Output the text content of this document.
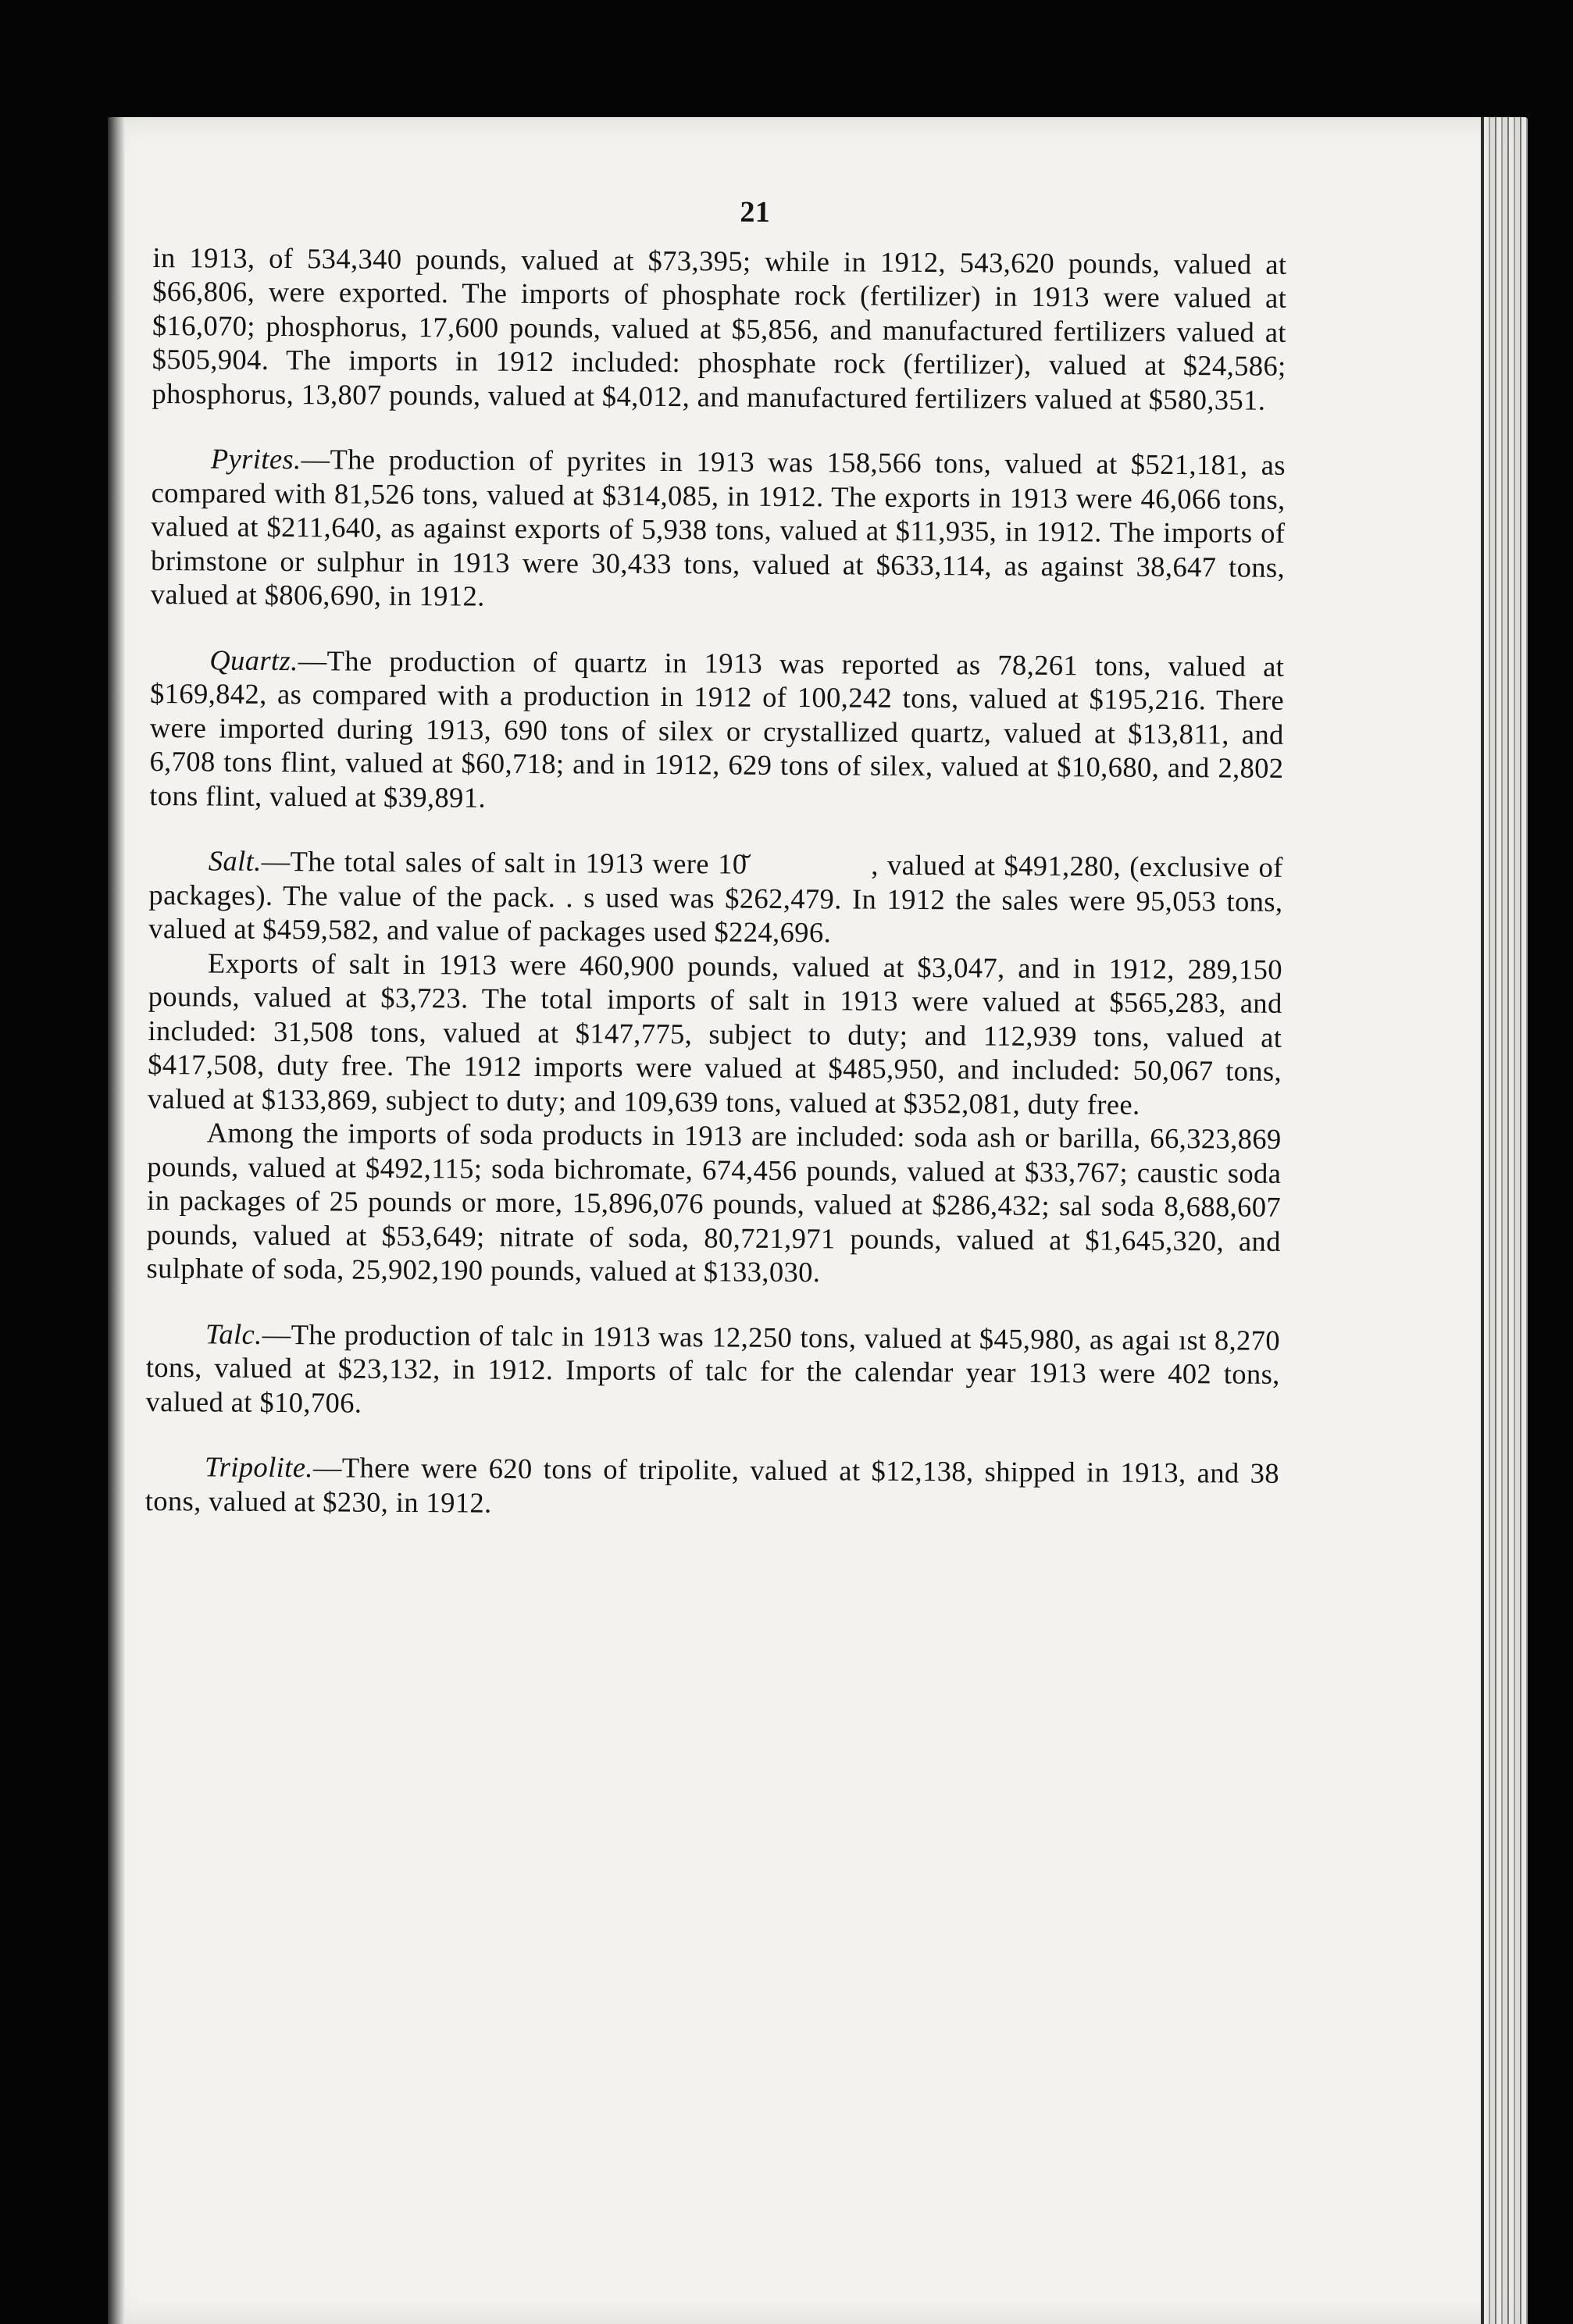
21

in 1913, of 534,340 pounds, valued at $73,395; while in 1912, 543,620 pounds, valued at $66,806, were exported. The imports of phosphate rock (fertilizer) in 1913 were valued at $16,070; phosphorus, 17,600 pounds, valued at $5,856, and manufactured fertilizers valued at $505,904. The imports in 1912 included: phosphate rock (fertilizer), valued at $24,586; phosphorus, 13,807 pounds, valued at $4,012, and manufactured fertilizers valued at $580,351.

Pyrites.—The production of pyrites in 1913 was 158,566 tons, valued at $521,181, as compared with 81,526 tons, valued at $314,085, in 1912. The exports in 1913 were 46,066 tons, valued at $211,640, as against exports of 5,938 tons, valued at $11,935, in 1912. The imports of brimstone or sulphur in 1913 were 30,433 tons, valued at $633,114, as against 38,647 tons, valued at $806,690, in 1912.

Quartz.—The production of quartz in 1913 was reported as 78,261 tons, valued at $169,842, as compared with a production in 1912 of 100,242 tons, valued at $195,216. There were imported during 1913, 690 tons of silex or crystallized quartz, valued at $13,811, and 6,708 tons flint, valued at $60,718; and in 1912, 629 tons of silex, valued at $10,680, and 2,802 tons flint, valued at $39,891.

Salt.—The total sales of salt in 1913 were 10̆     , valued at $491,280, (exclusive of packages). The value of the pack. . s used was $262,479. In 1912 the sales were 95,053 tons, valued at $459,582, and value of packages used $224,696.

Exports of salt in 1913 were 460,900 pounds, valued at $3,047, and in 1912, 289,150 pounds, valued at $3,723. The total imports of salt in 1913 were valued at $565,283, and included: 31,508 tons, valued at $147,775, subject to duty; and 112,939 tons, valued at $417,508, duty free. The 1912 imports were valued at $485,950, and included: 50,067 tons, valued at $133,869, subject to duty; and 109,639 tons, valued at $352,081, duty free.

Among the imports of soda products in 1913 are included: soda ash or barilla, 66,323,869 pounds, valued at $492,115; soda bichromate, 674,456 pounds, valued at $33,767; caustic soda in packages of 25 pounds or more, 15,896,076 pounds, valued at $286,432; sal soda 8,688,607 pounds, valued at $53,649; nitrate of soda, 80,721,971 pounds, valued at $1,645,320, and sulphate of soda, 25,902,190 pounds, valued at $133,030.

Talc.—The production of talc in 1913 was 12,250 tons, valued at $45,980, as agai ıst 8,270 tons, valued at $23,132, in 1912. Imports of talc for the calendar year 1913 were 402 tons, valued at $10,706.

Tripolite.—There were 620 tons of tripolite, valued at $12,138, shipped in 1913, and 38 tons, valued at $230, in 1912.
